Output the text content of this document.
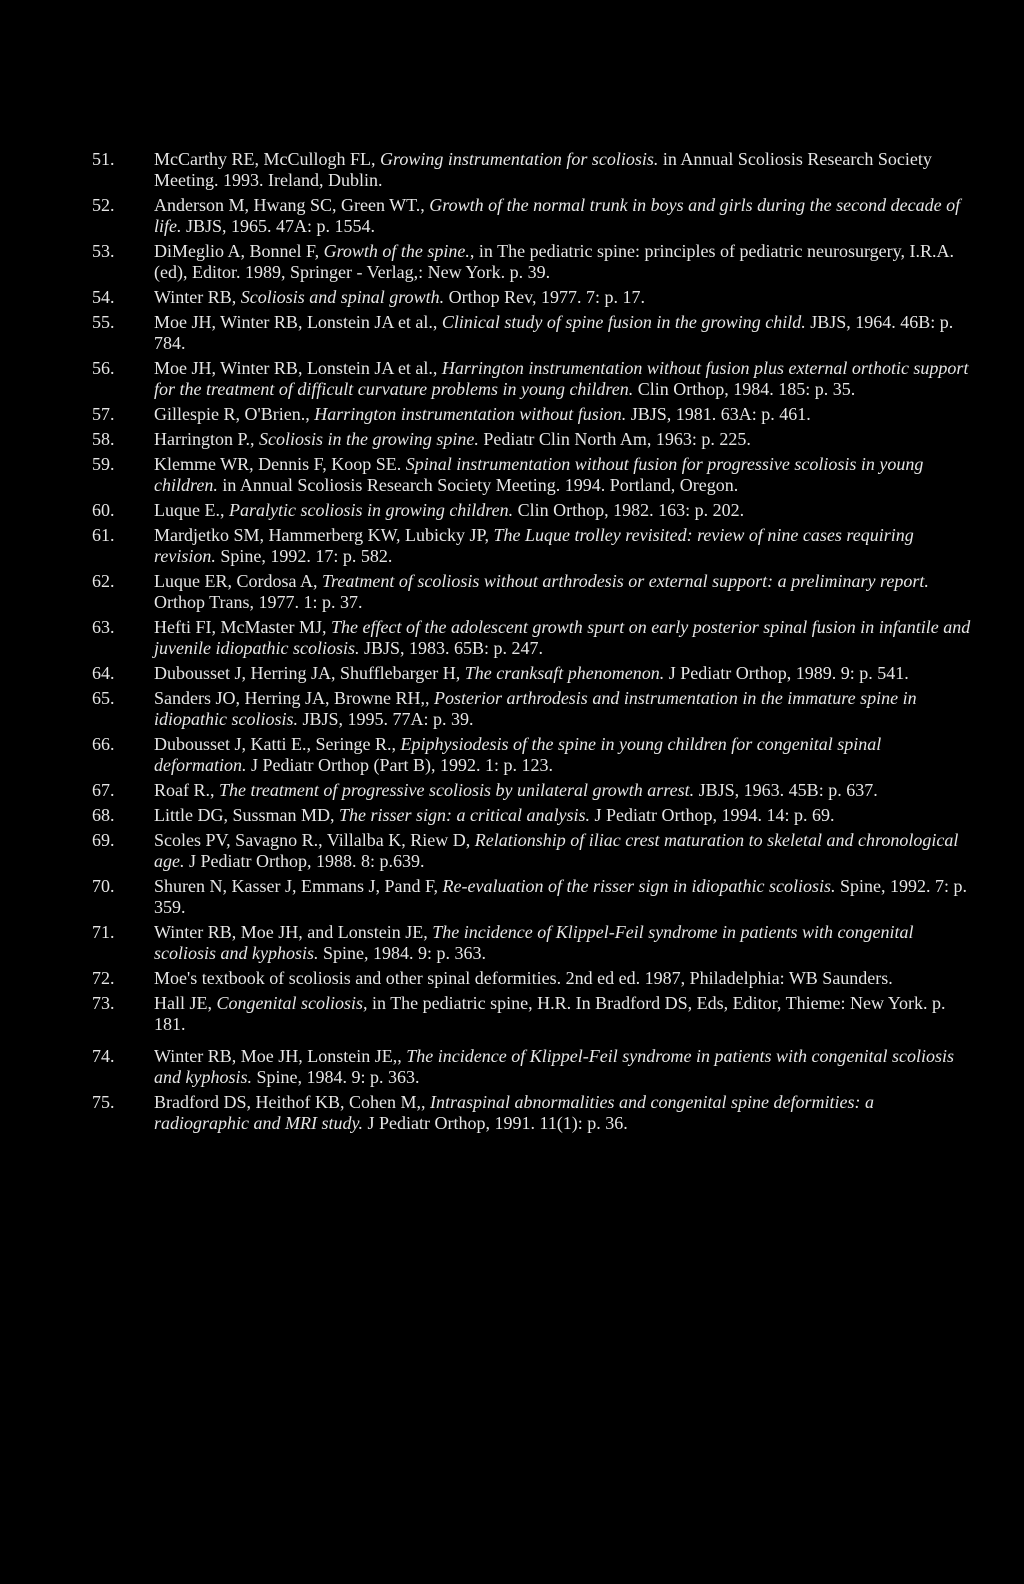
51.	McCarthy RE, McCullogh FL, Growing instrumentation for scoliosis. in Annual Scoliosis Research Society Meeting. 1993. Ireland, Dublin.
52.	Anderson M, Hwang SC, Green WT., Growth of the normal trunk in boys and girls during the second decade of life. JBJS, 1965. 47A: p. 1554.
53.	DiMeglio A, Bonnel F, Growth of the spine., in The pediatric spine: principles of pediatric neurosurgery, I.R.A. (ed), Editor. 1989, Springer - Verlag,: New York. p. 39.
54.	Winter RB, Scoliosis and spinal growth. Orthop Rev, 1977. 7: p. 17.
55.	Moe JH, Winter RB, Lonstein JA et al., Clinical study of spine fusion in the growing child. JBJS, 1964. 46B: p. 784.
56.	Moe JH, Winter RB, Lonstein JA et al., Harrington instrumentation without fusion plus external orthotic support for the treatment of difficult curvature problems in young children. Clin Orthop, 1984. 185: p. 35.
57.	Gillespie R, O'Brien., Harrington instrumentation without fusion. JBJS, 1981. 63A: p. 461.
58.	Harrington P., Scoliosis in the growing spine. Pediatr Clin North Am, 1963: p. 225.
59.	Klemme WR, Dennis F, Koop SE. Spinal instrumentation without fusion for progressive scoliosis in young children. in Annual Scoliosis Research Society Meeting. 1994. Portland, Oregon.
60.	Luque E., Paralytic scoliosis in growing children. Clin Orthop, 1982. 163: p. 202.
61.	Mardjetko SM, Hammerberg KW, Lubicky JP, The Luque trolley revisited: review of nine cases requiring revision. Spine, 1992. 17: p. 582.
62.	Luque ER, Cordosa A, Treatment of scoliosis without arthrodesis or external support: a preliminary report. Orthop Trans, 1977. 1: p. 37.
63.	Hefti FI, McMaster MJ, The effect of the adolescent growth spurt on early posterior spinal fusion in infantile and juvenile idiopathic scoliosis. JBJS, 1983. 65B: p. 247.
64.	Dubousset J, Herring JA, Shufflebarger H, The cranksaft phenomenon. J Pediatr Orthop, 1989. 9: p. 541.
65.	Sanders JO, Herring JA, Browne RH,, Posterior arthrodesis and instrumentation in the immature spine in idiopathic scoliosis. JBJS, 1995. 77A: p. 39.
66.	Dubousset J, Katti E., Seringe R., Epiphysiodesis of the spine in young children for congenital spinal deformation. J Pediatr Orthop (Part B), 1992. 1: p. 123.
67.	Roaf R., The treatment of progressive scoliosis by unilateral growth arrest. JBJS, 1963. 45B: p. 637.
68.	Little DG, Sussman MD, The risser sign: a critical analysis. J Pediatr Orthop, 1994. 14: p. 69.
69.	Scoles PV, Savagno R., Villalba K, Riew D, Relationship of iliac crest maturation to skeletal and chronological age. J Pediatr Orthop, 1988. 8: p.639.
70.	Shuren N, Kasser J, Emmans J, Pand F, Re-evaluation of the risser sign in idiopathic scoliosis. Spine, 1992. 7: p. 359.
71.	Winter RB, Moe JH, and Lonstein JE, The incidence of Klippel-Feil syndrome in patients with congenital scoliosis and kyphosis. Spine, 1984. 9: p. 363.
72.	Moe's textbook of scoliosis and other spinal deformities. 2nd ed ed. 1987, Philadelphia: WB Saunders.
73.	Hall JE, Congenital scoliosis, in The pediatric spine, H.R. In Bradford DS, Eds, Editor, Thieme: New York. p. 181.
74.	Winter RB, Moe JH, Lonstein JE,, The incidence of Klippel-Feil syndrome in patients with congenital scoliosis and kyphosis. Spine, 1984. 9: p. 363.
75.	Bradford DS, Heithof KB, Cohen M,, Intraspinal abnormalities and congenital spine deformities: a radiographic and MRI study. J Pediatr Orthop, 1991. 11(1): p. 36.
